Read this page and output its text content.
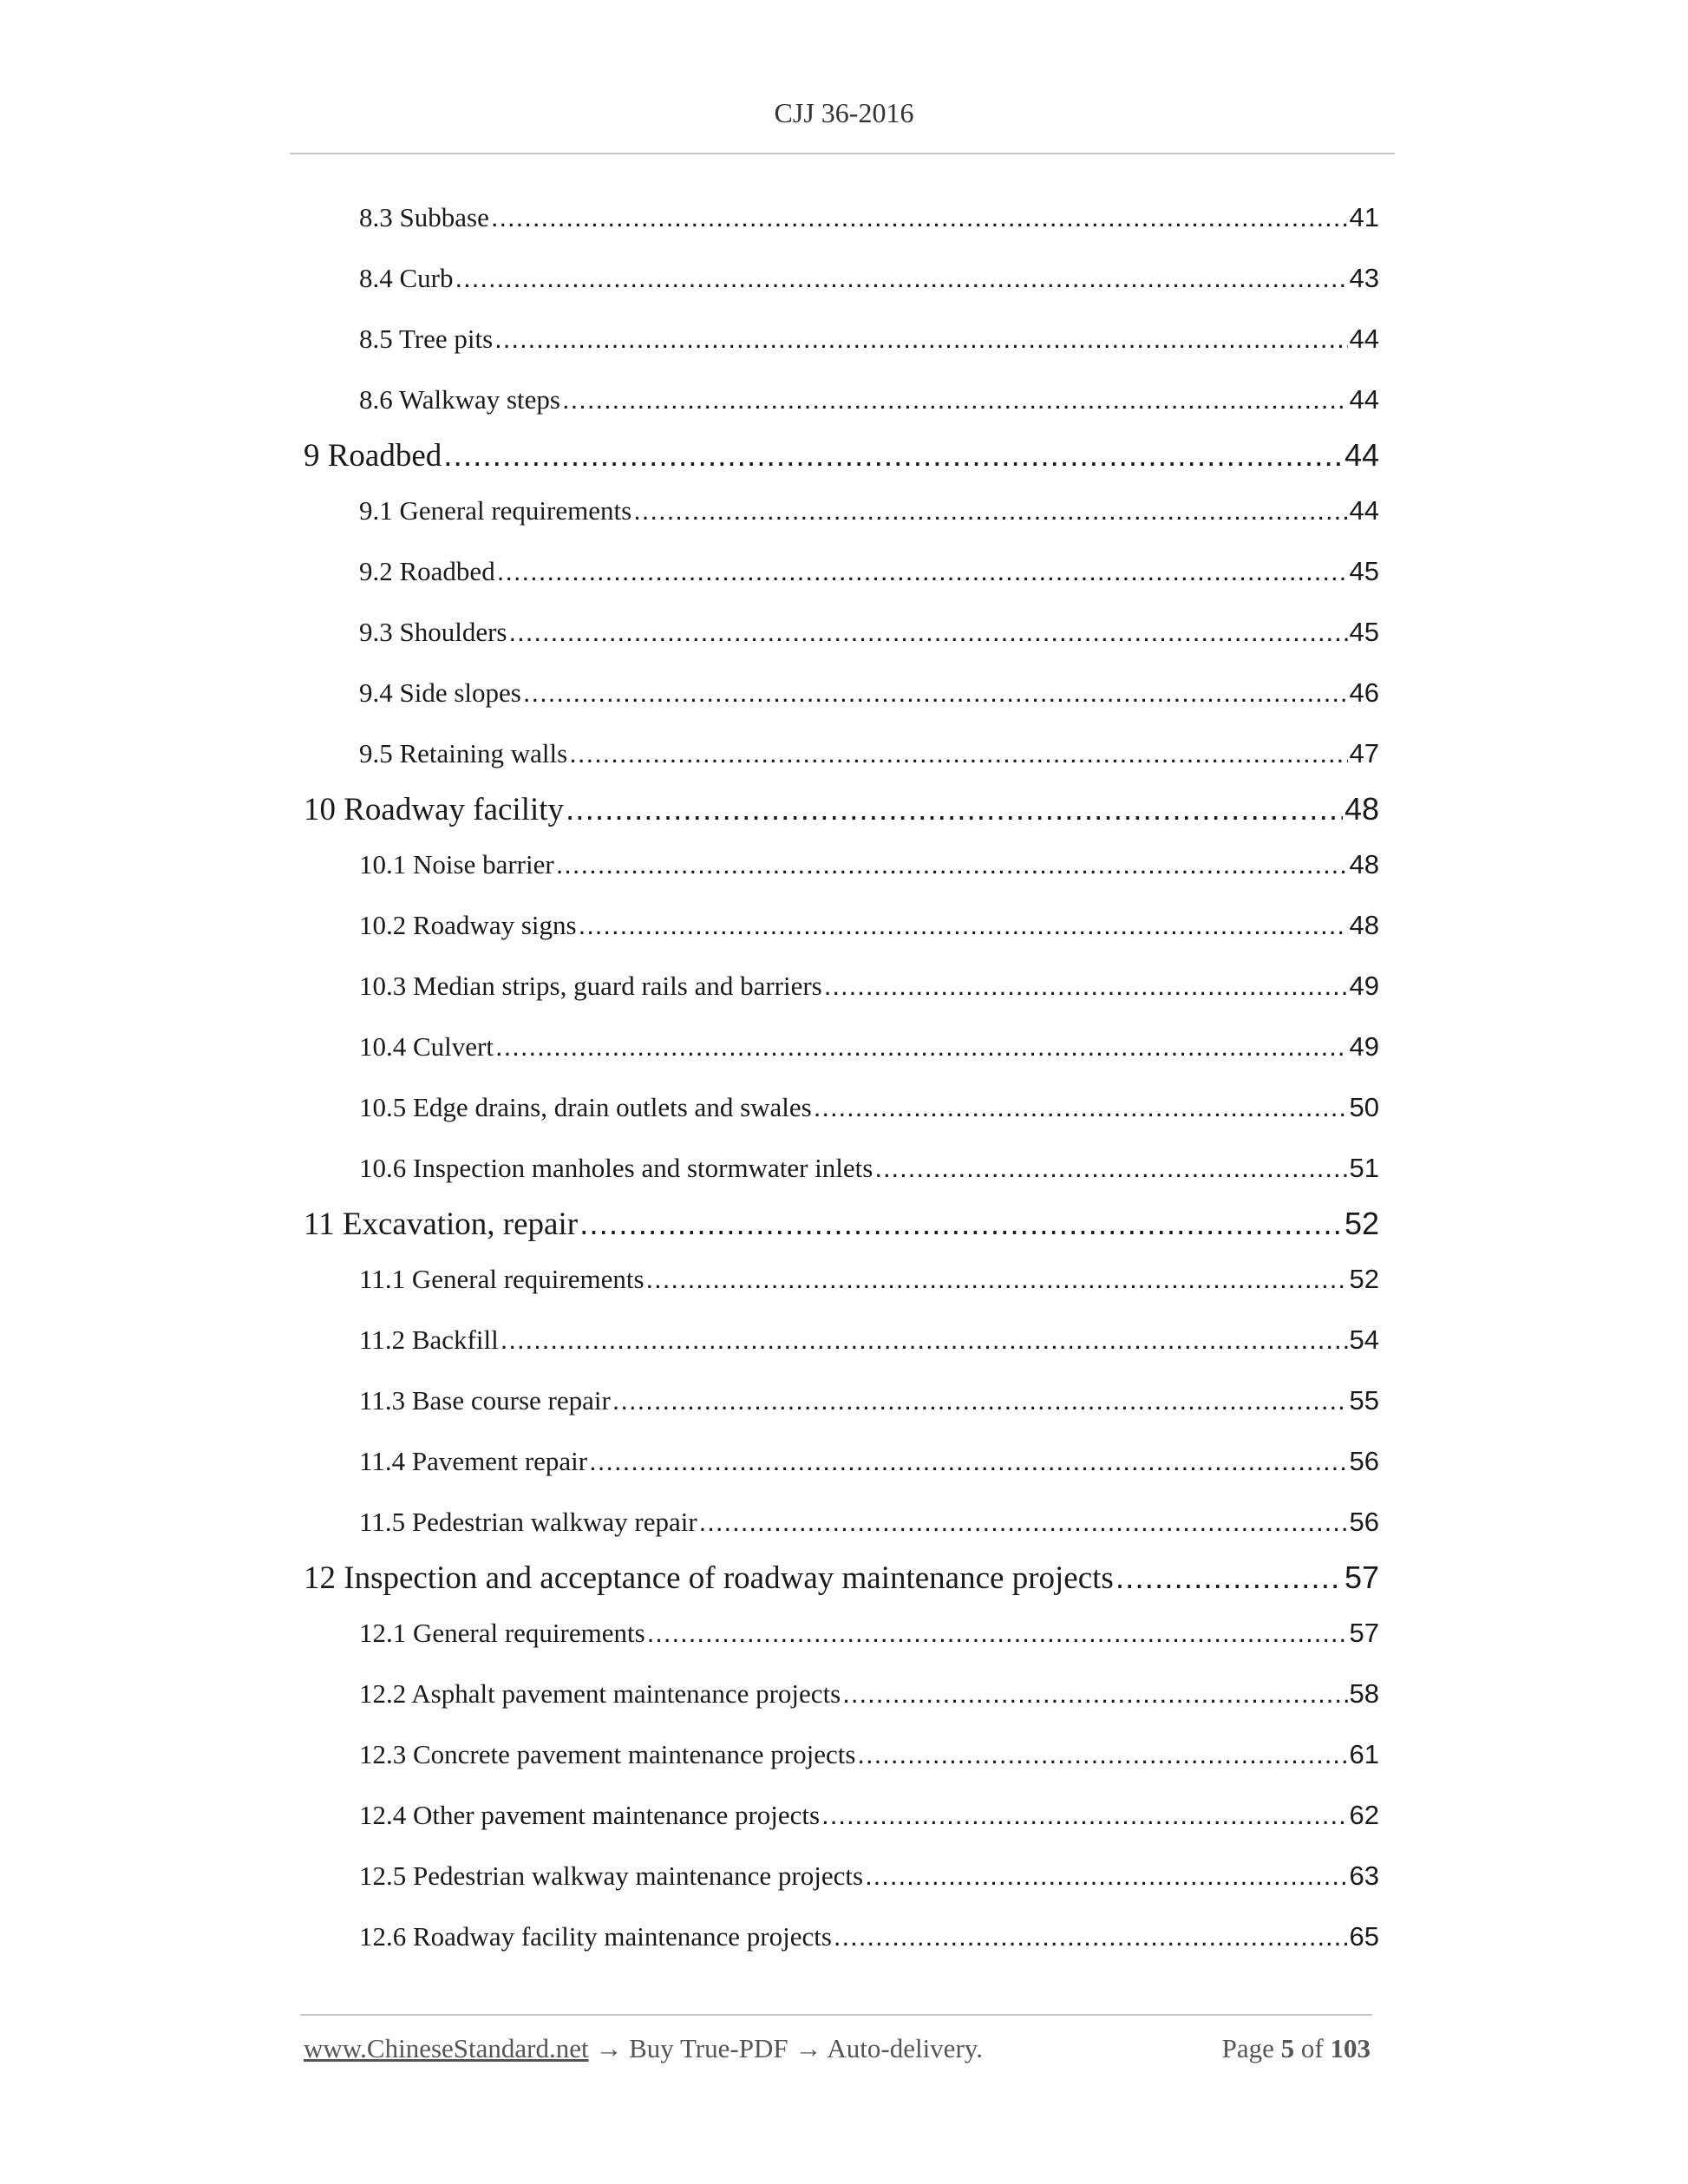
CJJ 36-2016
8.3 Subbase .....	41
8.4 Curb .....	43
8.5 Tree pits .....	44
8.6 Walkway steps .....	44
9 Roadbed .....	44
9.1 General requirements .....	44
9.2 Roadbed .....	45
9.3 Shoulders .....	45
9.4 Side slopes .....	46
9.5 Retaining walls .....	47
10 Roadway facility .....	48
10.1 Noise barrier .....	48
10.2 Roadway signs .....	48
10.3 Median strips, guard rails and barriers .....	49
10.4 Culvert .....	49
10.5 Edge drains, drain outlets and swales .....	50
10.6 Inspection manholes and stormwater inlets .....	51
11 Excavation, repair .....	52
11.1 General requirements .....	52
11.2 Backfill .....	54
11.3 Base course repair .....	55
11.4 Pavement repair .....	56
11.5 Pedestrian walkway repair .....	56
12 Inspection and acceptance of roadway maintenance projects .....	57
12.1 General requirements .....	57
12.2 Asphalt pavement maintenance projects .....	58
12.3 Concrete pavement maintenance projects .....	61
12.4 Other pavement maintenance projects .....	62
12.5 Pedestrian walkway maintenance projects .....	63
12.6 Roadway facility maintenance projects .....	65
www.ChineseStandard.net → Buy True-PDF → Auto-delivery.	Page 5 of 103
